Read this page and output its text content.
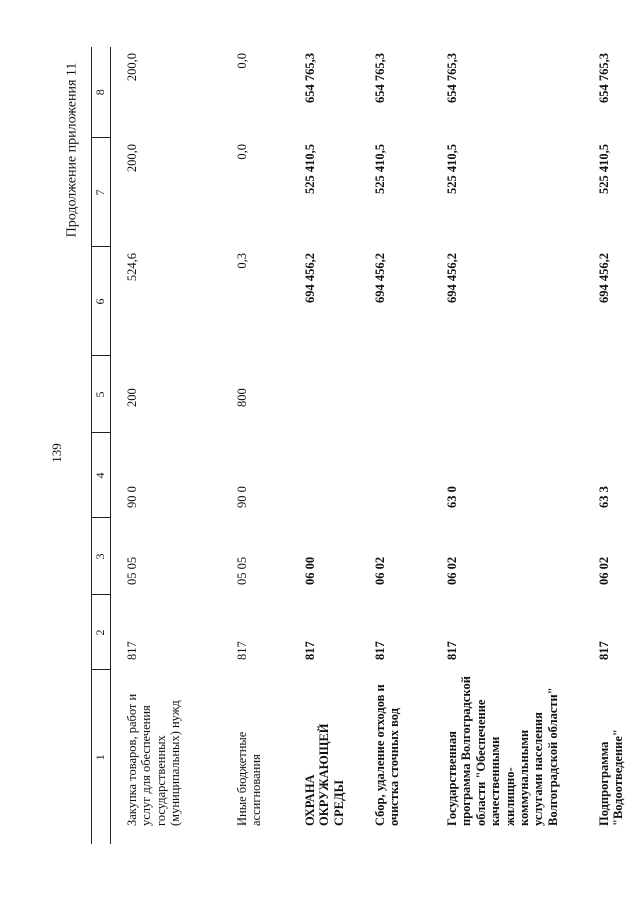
139
Продолжение приложения 11
1	2	3	4	5	6	7	8
Закупка товаров, работ и услуг для обеспечения государственных (муниципальных) нужд	817	05 05	90 0	200	524,6	200,0	200,0
Иные бюджетные ассигнования	817	05 05	90 0	800	0,3	0,0	0,0
ОХРАНА ОКРУЖАЮЩЕЙ СРЕДЫ	817	06 00			694 456,2	525 410,5	654 765,3
Сбор, удаление отходов и очистка сточных вод	817	06 02			694 456,2	525 410,5	654 765,3
Государственная программа Волгоградской области "Обеспечение качественными жилищно-коммунальными услугами населения Волгоградской области"	817	06 02	63 0		694 456,2	525 410,5	654 765,3
Подпрограмма "Водоотведение"	817	06 02	63 3		694 456,2	525 410,5	654 765,3
